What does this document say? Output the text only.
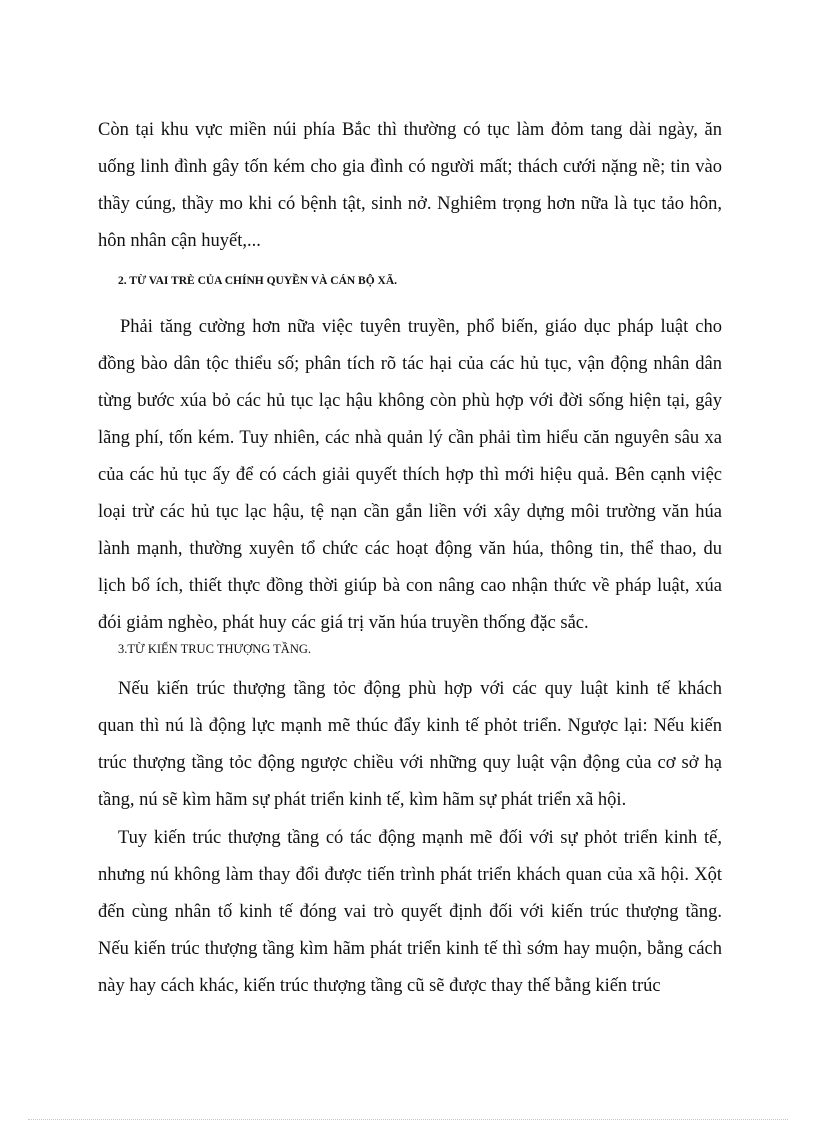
Còn tại khu vực miền núi phía Bắc thì thường có tục làm đỏm tang dài ngày, ăn
uống linh đình gây tốn kém cho gia đình có người mất; thách cưới nặng nề; tin vào
thầy cúng, thầy mo khi có bệnh tật, sinh nở. Nghiêm trọng hơn nữa là tục tảo hôn,
hôn nhân cận huyết,...
2. TỪ VAI TRÈ CỦA CHÍNH QUYỀN VÀ CÁN BỘ XÃ.
Phải tăng cường hơn nữa việc tuyên truyền, phổ biến, giáo dục pháp luật cho
đồng bào dân tộc thiểu số; phân tích rõ tác hại của các hủ tục, vận động nhân dân
từng bước xúa bỏ các hủ tục lạc hậu không còn phù hợp với đời sống hiện tại, gây
lãng phí, tốn kém. Tuy nhiên, các nhà quản lý cần phải tìm hiểu căn nguyên sâu xa
của các hủ tục ấy để có cách giải quyết thích hợp thì mới hiệu quả. Bên cạnh việc
loại trừ các hủ tục lạc hậu, tệ nạn cần gắn liền với xây dựng môi trường văn húa
lành mạnh, thường xuyên tổ chức các hoạt động văn húa, thông tin, thể thao, du
lịch bổ ích, thiết thực đồng thời giúp bà con nâng cao nhận thức về pháp luật, xúa
đói giảm nghèo, phát huy các giá trị văn húa truyền thống đặc sắc.
3.TỪ KIẾN TRUC THƯỢNG TẦNG.
Nếu kiến trúc thượng tầng tỏc động phù hợp với các quy luật kinh tế khách
quan thì nú là động lực mạnh mẽ thúc đẩy kinh tế phỏt triển. Ngược lại: Nếu kiến
trúc thượng tầng tỏc động ngược chiều với những quy luật vận động của cơ sở hạ
tầng, nú sẽ kìm hãm sự phát triển kinh tế, kìm hãm sự phát triển xã hội.
Tuy kiến trúc thượng tầng có tác động mạnh mẽ đối với sự phỏt triển kinh tế,
nhưng nú không làm thay đổi được tiến trình phát triển khách quan của xã hội. Xột
đến cùng nhân tố kinh tế đóng vai trò quyết định đối với kiến trúc thượng tầng.
Nếu kiến trúc thượng tầng kìm hãm phát triển kinh tế thì sớm hay muộn, bằng cách
này hay cách khác, kiến trúc thượng tầng cũ sẽ được thay thế bằng kiến trúc
